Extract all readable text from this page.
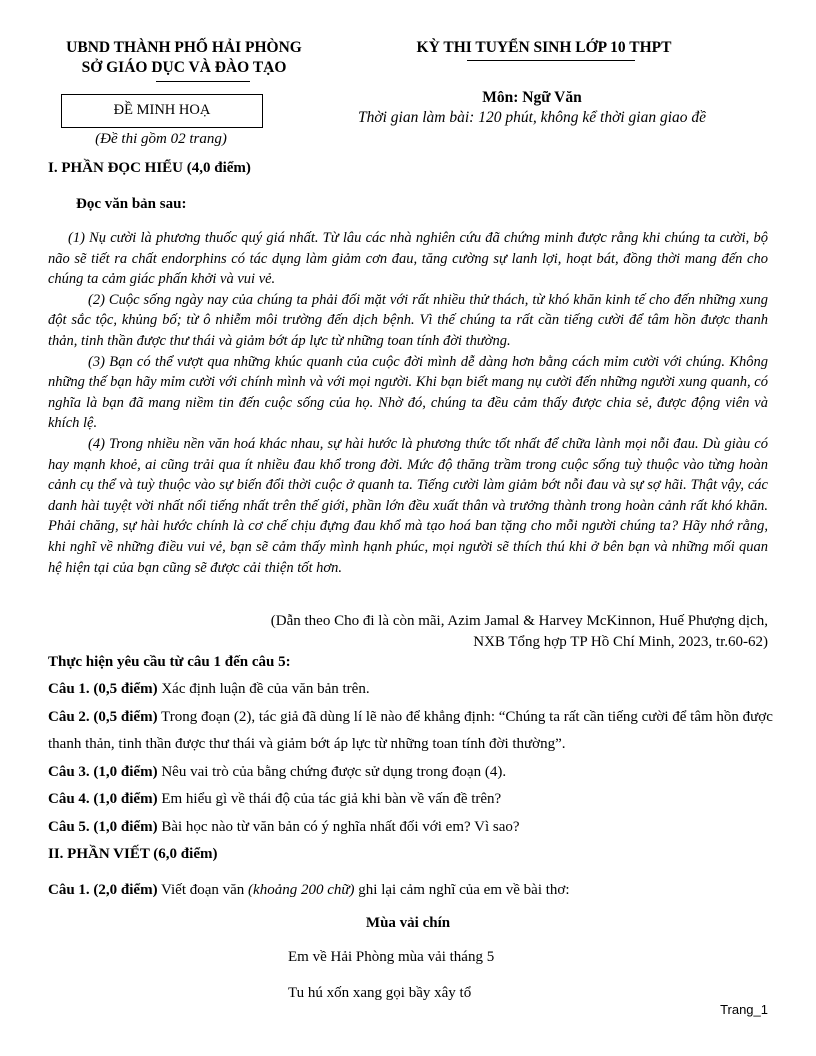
UBND THÀNH PHỐ HẢI PHÒNG
SỞ GIÁO DỤC VÀ ĐÀO TẠO
KỲ THI TUYỂN SINH LỚP 10 THPT
ĐỀ MINH HOẠ
(Đề thi gồm 02 trang)
Môn: Ngữ Văn
Thời gian làm bài: 120 phút, không kể thời gian giao đề
I. PHẦN ĐỌC HIỂU (4,0 điểm)
Đọc văn bản sau:

(1) Nụ cười là phương thuốc quý giá nhất. Từ lâu các nhà nghiên cứu đã chứng minh được rằng khi chúng ta cười, bộ não sẽ tiết ra chất endorphins có tác dụng làm giảm cơn đau, tăng cường sự lanh lợi, hoạt bát, đồng thời mang đến cho chúng ta cảm giác phấn khởi và vui vẻ.

(2) Cuộc sống ngày nay của chúng ta phải đối mặt với rất nhiều thử thách, từ khó khăn kinh tế cho đến những xung đột sắc tộc, khủng bố; từ ô nhiễm môi trường đến dịch bệnh. Vì thế chúng ta rất cần tiếng cười để tâm hồn được thanh thản, tinh thần được thư thái và giảm bớt áp lực từ những toan tính đời thường.

(3) Bạn có thể vượt qua những khúc quanh của cuộc đời mình dễ dàng hơn bằng cách mỉm cười với chúng. Không những thế bạn hãy mỉm cười với chính mình và với mọi người. Khi bạn biết mang nụ cười đến những người xung quanh, có nghĩa là bạn đã mang niềm tin đến cuộc sống của họ. Nhờ đó, chúng ta đều cảm thấy được chia sẻ, được động viên và khích lệ.

(4) Trong nhiều nền văn hoá khác nhau, sự hài hước là phương thức tốt nhất để chữa lành mọi nỗi đau. Dù giàu có hay mạnh khoẻ, ai cũng trải qua ít nhiều đau khổ trong đời. Mức độ thăng trầm trong cuộc sống tuỳ thuộc vào từng hoàn cảnh cụ thể và tuỳ thuộc vào sự biến đổi thời cuộc ở quanh ta. Tiếng cười làm giảm bớt nỗi đau và sự sợ hãi. Thật vậy, các danh hài tuyệt vời nhất nổi tiếng nhất trên thế giới, phần lớn đều xuất thân và trưởng thành trong hoàn cảnh rất khó khăn. Phải chăng, sự hài hước chính là cơ chế chịu đựng đau khổ mà tạo hoá ban tặng cho mỗi người chúng ta? Hãy nhớ rằng, khi nghĩ về những điều vui vẻ, bạn sẽ cảm thấy mình hạnh phúc, mọi người sẽ thích thú khi ở bên bạn và những mối quan hệ hiện tại của bạn cũng sẽ được cải thiện tốt hơn.

(Dẫn theo Cho đi là còn mãi, Azim Jamal & Harvey McKinnon, Huế Phượng dịch,
NXB Tổng hợp TP Hồ Chí Minh, 2023, tr.60-62)
Thực hiện yêu cầu từ câu 1 đến câu 5:
Câu 1. (0,5 điểm) Xác định luận đề của văn bản trên.
Câu 2. (0,5 điểm) Trong đoạn (2), tác giả đã dùng lí lẽ nào để khẳng định: “Chúng ta rất cần tiếng cười để tâm hồn được thanh thản, tinh thần được thư thái và giảm bớt áp lực từ những toan tính đời thường”.
Câu 3. (1,0 điểm) Nêu vai trò của bằng chứng được sử dụng trong đoạn (4).
Câu 4. (1,0 điểm) Em hiểu gì về thái độ của tác giả khi bàn về vấn đề trên?
Câu 5. (1,0 điểm) Bài học nào từ văn bản có ý nghĩa nhất đối với em? Vì sao?
II. PHẦN VIẾT (6,0 điểm)
Câu 1. (2,0 điểm) Viết đoạn văn (khoảng 200 chữ) ghi lại cảm nghĩ của em về bài thơ:
Mùa vải chín
Em về Hải Phòng mùa vải tháng 5
Tu hú xốn xang gọi bầy xây tổ
Trang_1
